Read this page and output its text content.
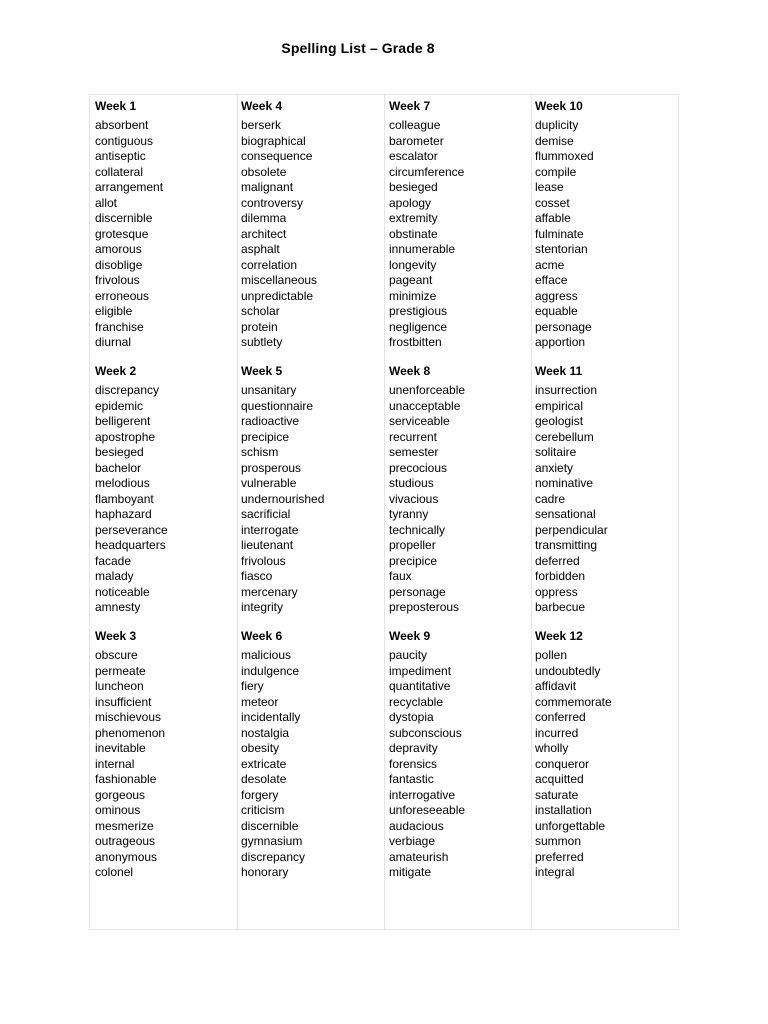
Spelling List – Grade 8
Week 1
absorbent
contiguous
antiseptic
collateral
arrangement
allot
discernible
grotesque
amorous
disoblige
frivolous
erroneous
eligible
franchise
diurnal
Week 4
berserk
biographical
consequence
obsolete
malignant
controversy
dilemma
architect
asphalt
correlation
miscellaneous
unpredictable
scholar
protein
subtlety
Week 7
colleague
barometer
escalator
circumference
besieged
apology
extremity
obstinate
innumerable
longevity
pageant
minimize
prestigious
negligence
frostbitten
Week 10
duplicity
demise
flummoxed
compile
lease
cosset
affable
fulminate
stentorian
acme
efface
aggress
equable
personage
apportion
Week 2
discrepancy
epidemic
belligerent
apostrophe
besieged
bachelor
melodious
flamboyant
haphazard
perseverance
headquarters
facade
malady
noticeable
amnesty
Week 5
unsanitary
questionnaire
radioactive
precipice
schism
prosperous
vulnerable
undernourished
sacrificial
interrogate
lieutenant
frivolous
fiasco
mercenary
integrity
Week 8
unenforceable
unacceptable
serviceable
recurrent
semester
precocious
studious
vivacious
tyranny
technically
propeller
precipice
faux
personage
preposterous
Week 11
insurrection
empirical
geologist
cerebellum
solitaire
anxiety
nominative
cadre
sensational
perpendicular
transmitting
deferred
forbidden
oppress
barbecue
Week 3
obscure
permeate
luncheon
insufficient
mischievous
phenomenon
inevitable
internal
fashionable
gorgeous
ominous
mesmerize
outrageous
anonymous
colonel
Week 6
malicious
indulgence
fiery
meteor
incidentally
nostalgia
obesity
extricate
desolate
forgery
criticism
discernible
gymnasium
discrepancy
honorary
Week 9
paucity
impediment
quantitative
recyclable
dystopia
subconscious
depravity
forensics
fantastic
interrogative
unforeseeable
audacious
verbiage
amateurish
mitigate
Week 12
pollen
undoubtedly
affidavit
commemorate
conferred
incurred
wholly
conqueror
acquitted
saturate
installation
unforgettable
summon
preferred
integral
